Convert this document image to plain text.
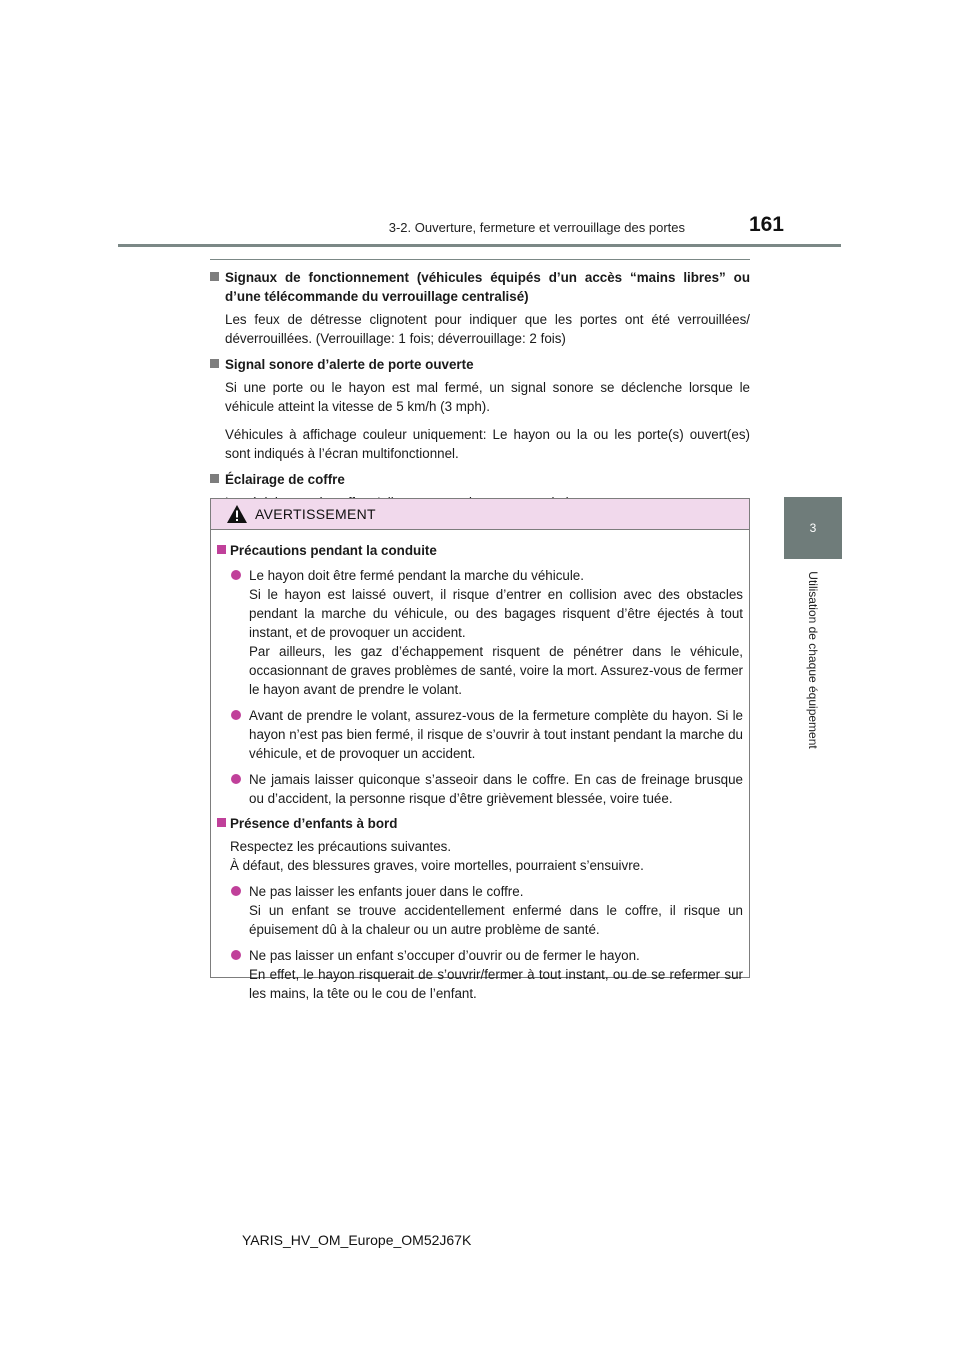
3-2. Ouverture, fermeture et verrouillage des portes	161
3
Utilisation de chaque équipement
Signaux de fonctionnement (véhicules équipés d’un accès “mains libres” ou d’une télécommande du verrouillage centralisé)
Les feux de détresse clignotent pour indiquer que les portes ont été verrouillées/ déverrouillées. (Verrouillage: 1 fois; déverrouillage: 2 fois)
Signal sonore d’alerte de porte ouverte
Si une porte ou le hayon est mal fermé, un signal sonore se déclenche lorsque le véhicule atteint la vitesse de 5 km/h (3 mph).
Véhicules à affichage couleur uniquement: Le hayon ou la ou les porte(s) ouvert(es) sont indiqués à l’écran multifonctionnel.
Éclairage de coffre
AVERTISSEMENT
Précautions pendant la conduite
Le hayon doit être fermé pendant la marche du véhicule.
Si le hayon est laissé ouvert, il risque d’entrer en collision avec des obstacles pendant la marche du véhicule, ou des bagages risquent d’être éjectés à tout instant, et de provoquer un accident.
Par ailleurs, les gaz d’échappement risquent de pénétrer dans le véhicule, occasionnant de graves problèmes de santé, voire la mort. Assurez-vous de fermer le hayon avant de prendre le volant.
Avant de prendre le volant, assurez-vous de la fermeture complète du hayon. Si le hayon n’est pas bien fermé, il risque de s’ouvrir à tout instant pendant la marche du véhicule, et de provoquer un accident.
Ne jamais laisser quiconque s’asseoir dans le coffre. En cas de freinage brusque ou d’accident, la personne risque d’être grièvement blessée, voire tuée.
Présence d’enfants à bord
Respectez les précautions suivantes.
À défaut, des blessures graves, voire mortelles, pourraient s’ensuivre.
Ne pas laisser les enfants jouer dans le coffre.
Si un enfant se trouve accidentellement enfermé dans le coffre, il risque un épuisement dû à la chaleur ou un autre problème de santé.
Ne pas laisser un enfant s’occuper d’ouvrir ou de fermer le hayon.
En effet, le hayon risquerait de s’ouvrir/fermer à tout instant, ou de se refermer sur les mains, la tête ou le cou de l’enfant.
YARIS_HV_OM_Europe_OM52J67K
